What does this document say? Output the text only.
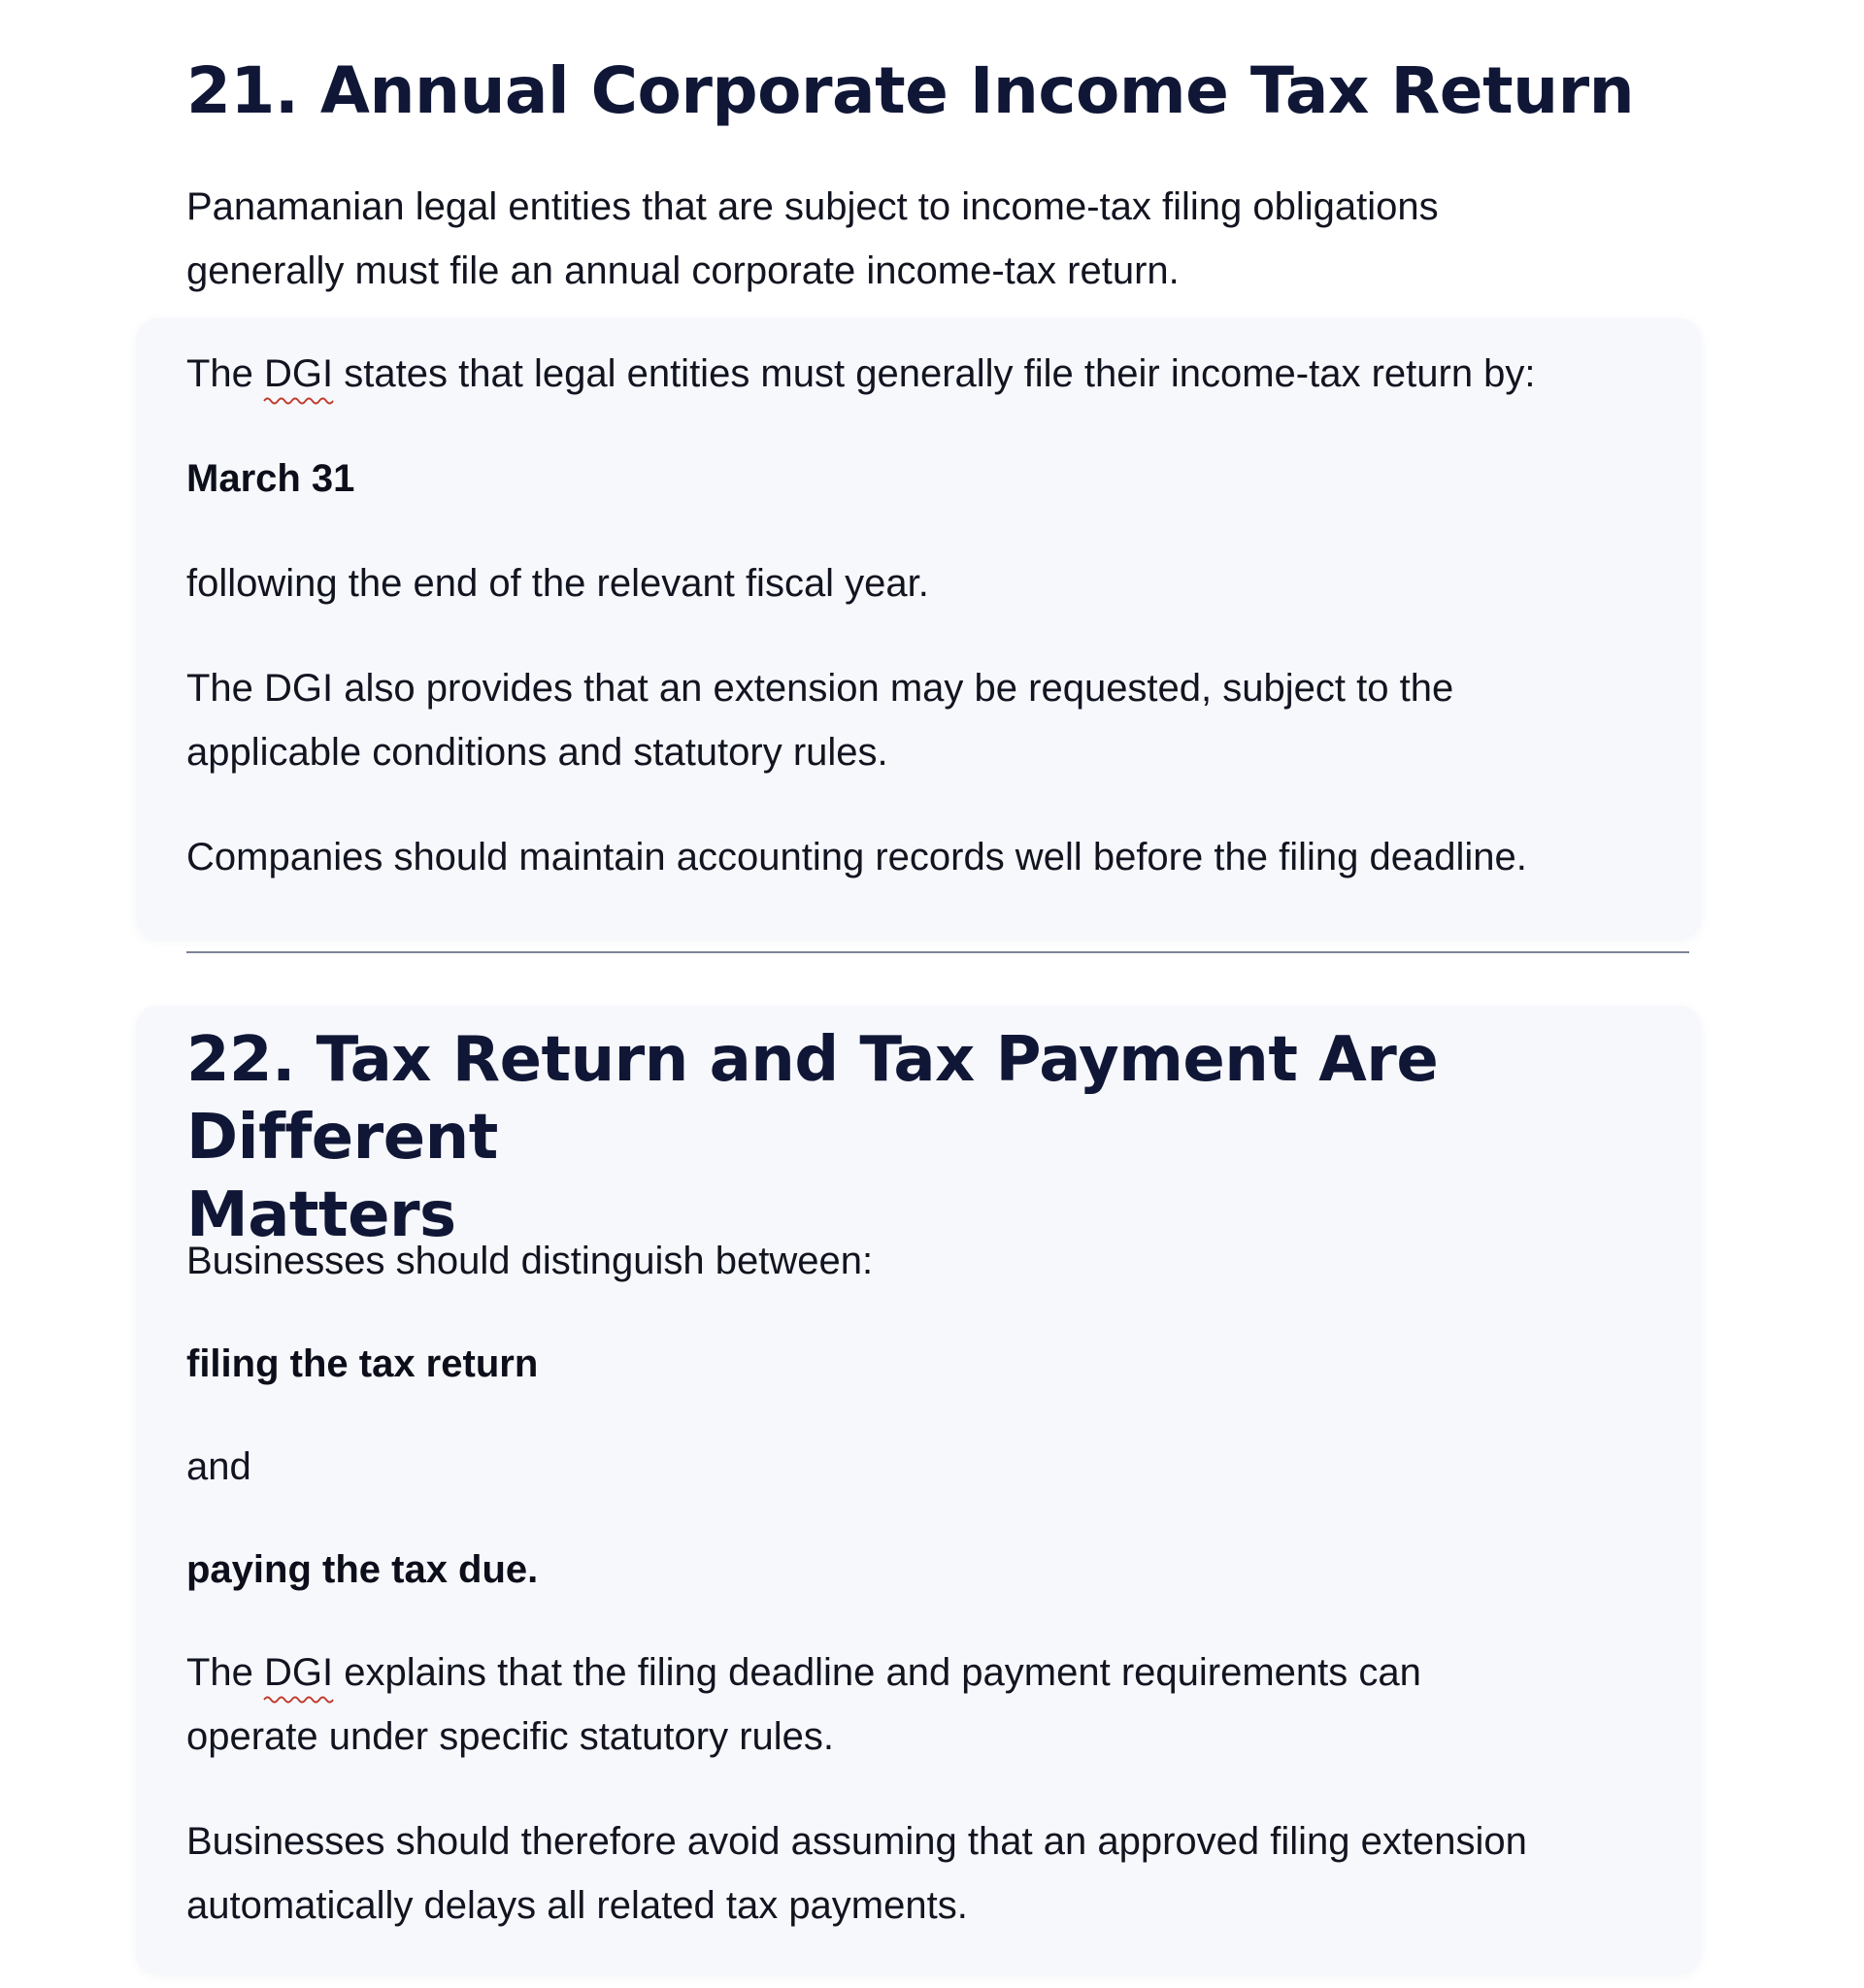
21. Annual Corporate Income Tax Return

Panamanian legal entities that are subject to income-tax filing obligations
generally must file an annual corporate income-tax return.

The DGI
states that legal entities must generally file their income-tax return by:

March 31

following the end of the relevant fiscal year.

The DGI also provides that an extension may be requested, subject to the
applicable conditions and statutory rules.

Companies should maintain accounting records well before the filing deadline.

22. Tax Return and Tax Payment Are Different
Matters

Businesses should distinguish between:

filing the tax return

and

paying the tax due.

The DGI
explains that the filing deadline and payment requirements can
operate under specific statutory rules.

Businesses should therefore avoid assuming that an approved filing extension
automatically delays all related tax payments.
